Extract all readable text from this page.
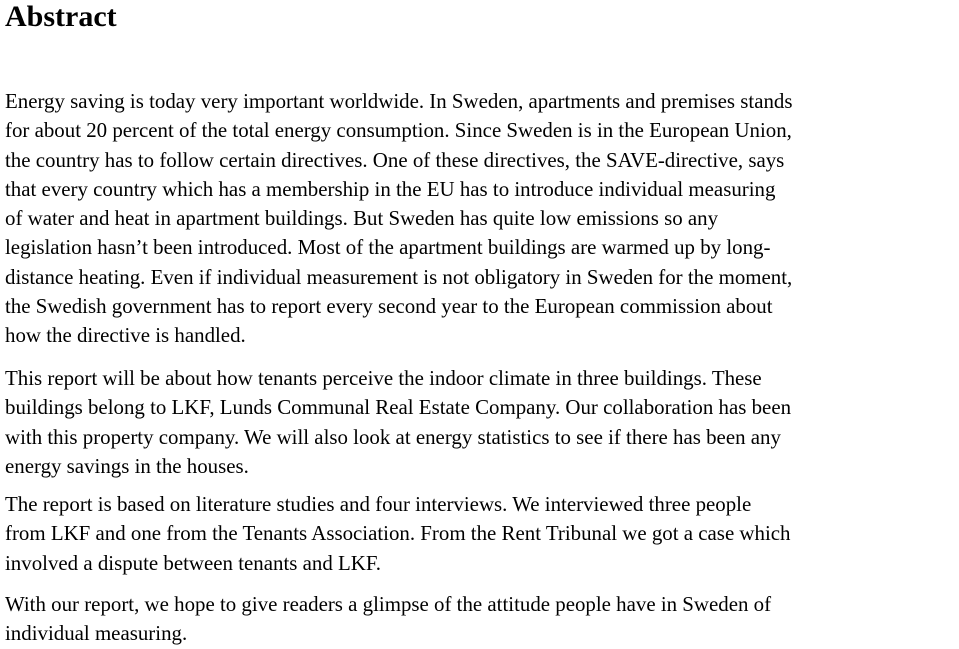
Abstract

Energy saving is today very important worldwide. In Sweden, apartments and premises stands
for about 20 percent of the total energy consumption. Since Sweden is in the European Union,
the country has to follow certain directives. One of these directives, the SAVE-directive, says
that every country which has a membership in the EU has to introduce individual measuring
of water and heat in apartment buildings. But Sweden has quite low emissions so any
legislation hasn’t been introduced. Most of the apartment buildings are warmed up by long-
distance heating. Even if individual measurement is not obligatory in Sweden for the moment,
the Swedish government has to report every second year to the European commission about
how the directive is handled.

This report will be about how tenants perceive the indoor climate in three buildings. These
buildings belong to LKF, Lunds Communal Real Estate Company. Our collaboration has been
with this property company. We will also look at energy statistics to see if there has been any
energy savings in the houses.

The report is based on literature studies and four interviews. We interviewed three people
from LKF and one from the Tenants Association. From the Rent Tribunal we got a case which
involved a dispute between tenants and LKF.

With our report, we hope to give readers a glimpse of the attitude people have in Sweden of
individual measuring.
